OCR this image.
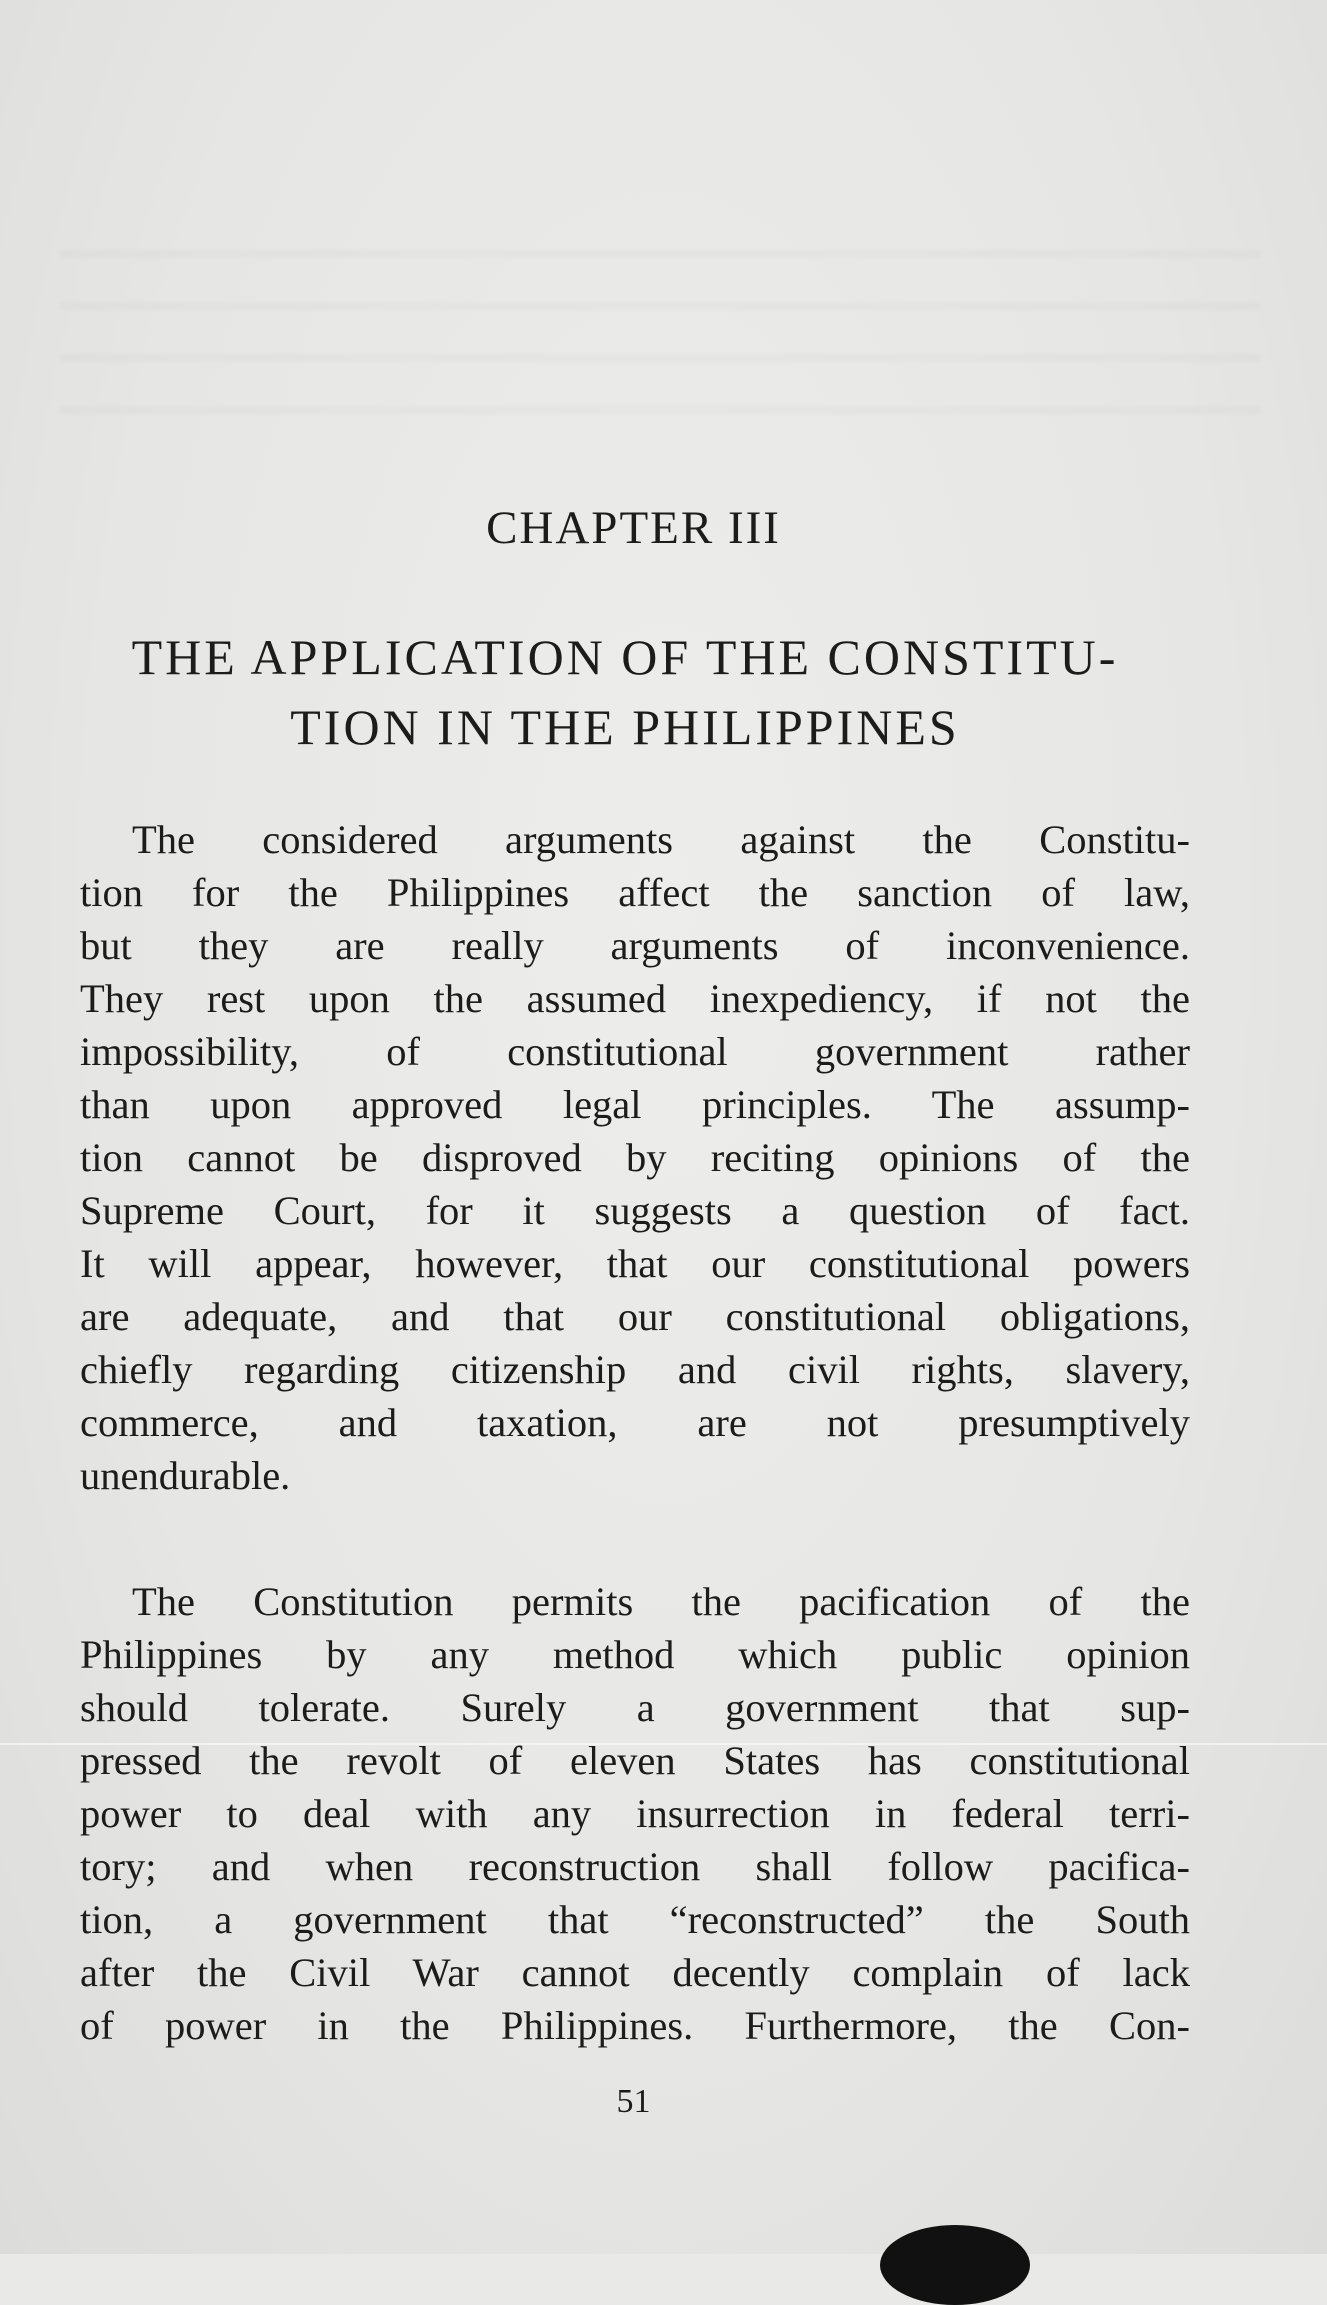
CHAPTER III
THE APPLICATION OF THE CONSTITU-
TION IN THE PHILIPPINES
The considered arguments against the Constitu-
tion for the Philippines affect the sanction of law,
but they are really arguments of inconvenience.
They rest upon the assumed inexpediency, if not the
impossibility, of constitutional government rather
than upon approved legal principles. The assump-
tion cannot be disproved by reciting opinions of the
Supreme Court, for it suggests a question of fact.
It will appear, however, that our constitutional powers
are adequate, and that our constitutional obligations,
chiefly regarding citizenship and civil rights, slavery,
commerce, and taxation, are not presumptively
unendurable.
The Constitution permits the pacification of the
Philippines by any method which public opinion
should tolerate. Surely a government that sup-
pressed the revolt of eleven States has constitutional
power to deal with any insurrection in federal terri-
tory; and when reconstruction shall follow pacifica-
tion, a government that “reconstructed” the South
after the Civil War cannot decently complain of lack
of power in the Philippines. Furthermore, the Con-
51
